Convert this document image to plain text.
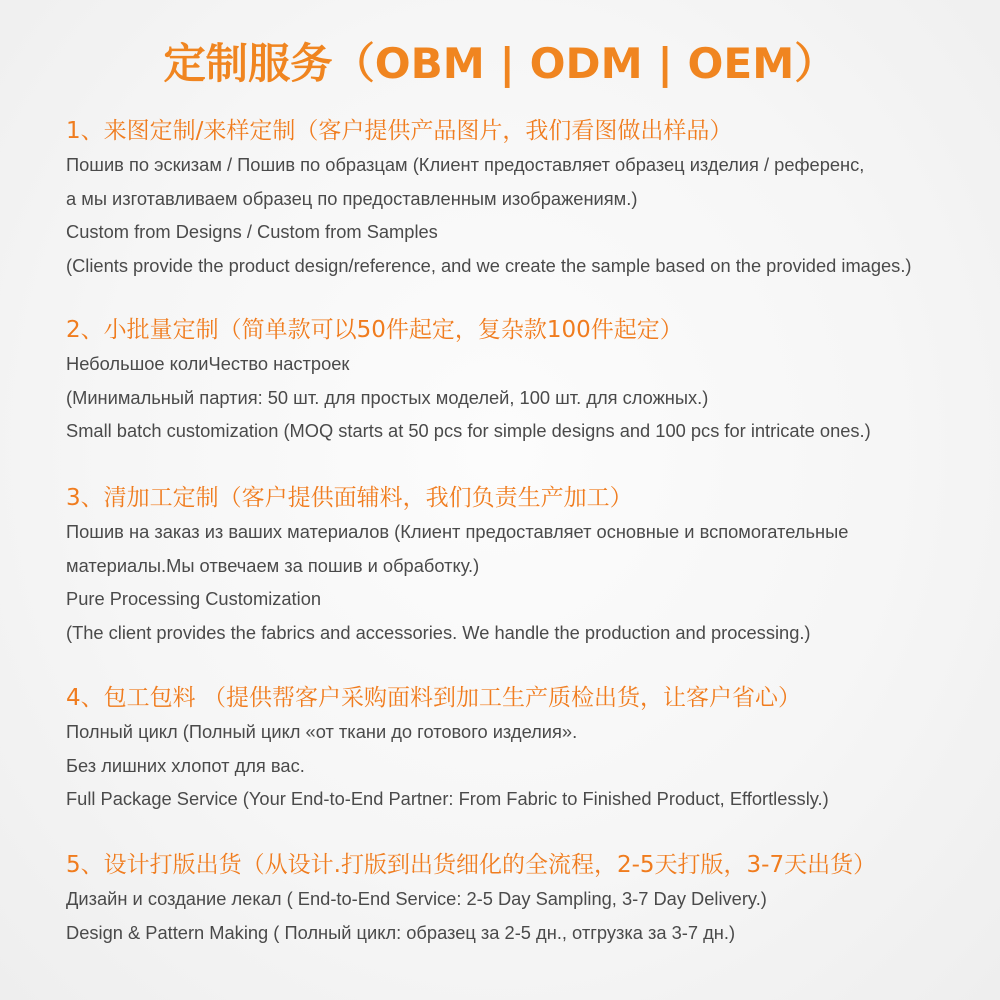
定制服务（OBM | ODM | OEM）
1、来图定制/来样定制（客户提供产品图片，我们看图做出样品）
Пошив по эскизам / Пошив по образцам (Клиент предоставляет образец изделия / референс,
а мы изготавливаем образец по предоставленным изображениям.)
Custom from Designs / Custom from Samples
(Clients provide the product design/reference, and we create the sample based on the provided images.)
2、小批量定制（简单款可以50件起定，复杂款100件起定）
Небольшое колиЧество настроек
(Минимальный партия: 50 шт. для простых моделей, 100 шт. для сложных.)
Small batch customization (MOQ starts at 50 pcs for simple designs and 100 pcs for intricate ones.)
3、清加工定制（客户提供面辅料，我们负责生产加工）
Пошив на заказ из ваших материалов (Клиент предоставляет основные и вспомогательные
материалы.Мы отвечаем за пошив и обработку.)
Pure Processing Customization
(The client provides the fabrics and accessories. We handle the production and processing.)
4、包工包料 （提供帮客户采购面料到加工生产质检出货，让客户省心）
Полный цикл (Полный цикл «от ткани до готового изделия».
Без лишних хлопот для вас.
Full Package Service (Your End-to-End Partner: From Fabric to Finished Product, Effortlessly.)
5、设计打版出货（从设计.打版到出货细化的全流程，2-5天打版，3-7天出货）
Дизайн и создание лекал ( End-to-End Service: 2-5 Day Sampling, 3-7 Day Delivery.)
Design & Pattern Making ( Полный цикл: образец за 2-5 дн., отгрузка за 3-7 дн.)
